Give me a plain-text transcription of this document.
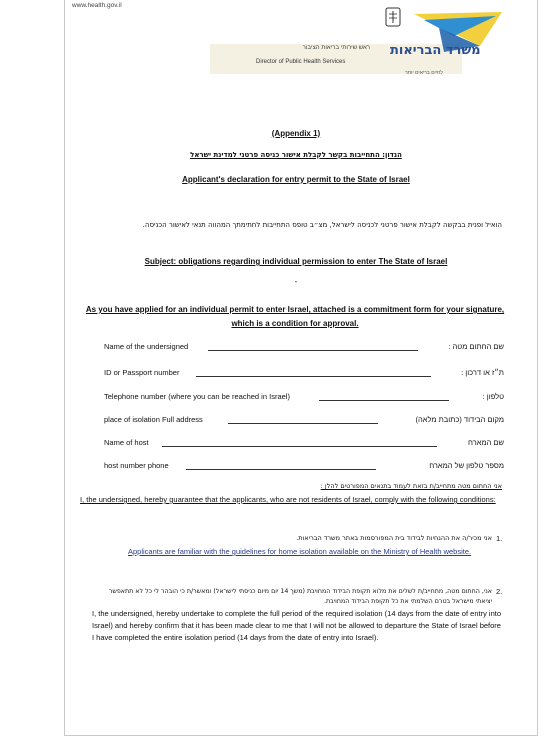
www.health.gov.il
ראש שירותי בריאות הציבור
Director of Public Health Services
משרד הבריאות
לחיים בריאים יותר
(Appendix 1)
הנדון: התחייבות בקשר לקבלת אישור כניסה פרטני למדינת ישראל
Applicant's declaration for entry permit to the State of Israel
הואיל ופנית בבקשה לקבלת אישור פרטני לכניסה לישראל, מצ״ב טופס התחייבות לחתימתך המהווה תנאי לאישור הכניסה.
Subject: obligations regarding individual permission to enter The State of Israel
-
As you have applied for an individual permit to enter Israel, attached is a commitment form for your signature, which is a condition for approval.
Name of the undersigned	שם החתום מטה :
ID or Passport number	ת״ז או דרכון :
Telephone number (where you can be reached in Israel)	טלפון :
place of isolation Full address	מקום הבידוד (כתובת מלאה)
Name of host	שם המארח
host number phone	מספר טלפון של המארח
אני החתום מטה מתחייב/ת בזאת לעמוד בתנאים המפורטים להלן :
I, the undersigned, hereby guarantee that the applicants, who are not residents of Israel, comply with the following conditions:
1.
אני מכיר/ה את ההנחיות לבידוד בית המפורסמות באתר משרד הבריאות.
Applicants are familiar with the guidelines for home isolation available on the Ministry of Health website.
2.
אני, החתום מטה, מתחייב/ת לשלים את מלוא תקופת הבידוד המחויבת (משך 14 יום מיום כניסתי לישראל) ומאשר/ת כי הובהר לי כל לא תתאפשר יציאתי מישראל בטרם השלמתי את כל תקופת הבידוד המחויבת.
I, the undersigned, hereby undertake to complete the full period of the required isolation (14 days from the date of entry into Israel) and hereby confirm that it has been made clear to me that I will not be allowed to departure the State of Israel before I have completed the entire isolation period (14 days from the date of entry into Israel).
